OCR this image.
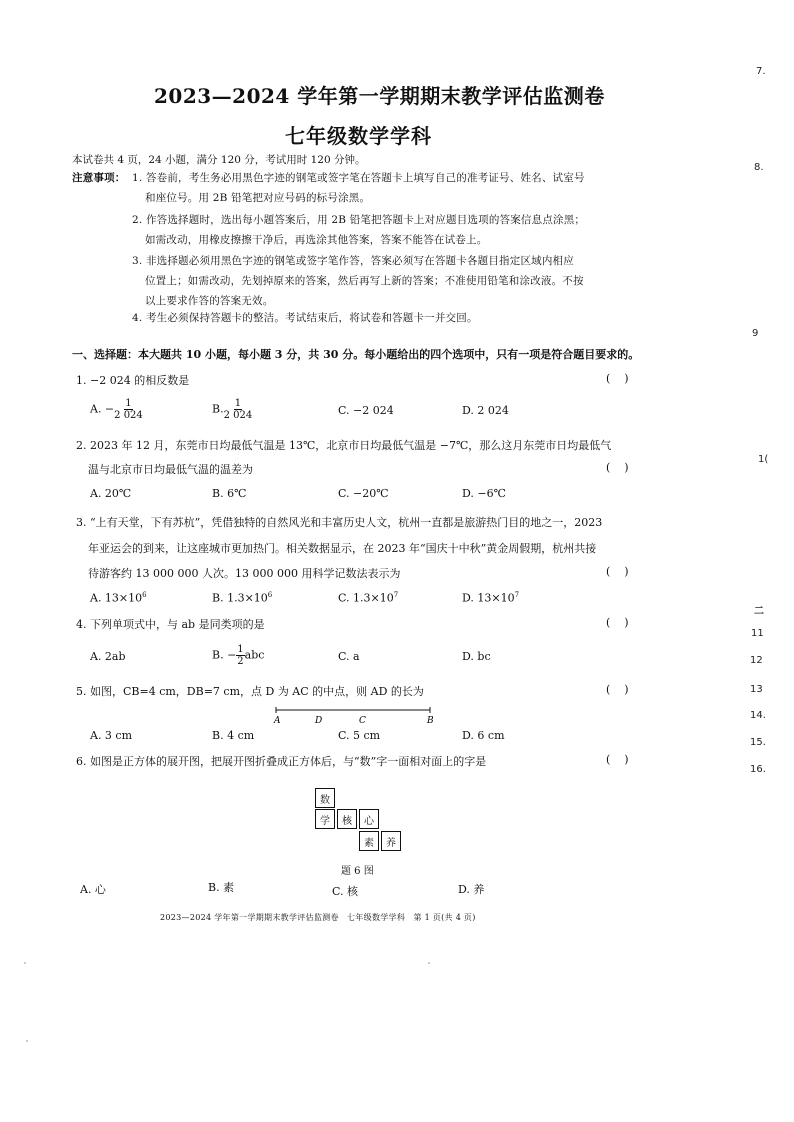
2023—2024 学年第一学期期末教学评估监测卷
七年级数学学科
本试卷共 4 页，24 小题，满分 120 分，考试用时 120 分钟。
注意事项： 1. 答卷前，考生务必用黑色字迹的钢笔或签字笔在答题卡上填写自己的准考证号、姓名、试室号
和座位号。用 2B 铅笔把对应号码的标号涂黑。
2. 作答选择题时，选出每小题答案后，用 2B 铅笔把答题卡上对应题目选项的答案信息点涂黑；
如需改动，用橡皮擦擦干净后，再选涂其他答案，答案不能答在试卷上。
3. 非选择题必须用黑色字迹的钢笔或签字笔作答，答案必须写在答题卡各题目指定区域内相应
位置上；如需改动，先划掉原来的答案，然后再写上新的答案；不准使用铅笔和涂改液。不按
以上要求作答的答案无效。
4. 考生必须保持答题卡的整洁。考试结束后，将试卷和答题卡一并交回。
一、选择题：本大题共 10 小题，每小题 3 分，共 30 分。每小题给出的四个选项中，只有一项是符合题目要求的。
1. −2 024 的相反数是	()
A. − $\frac{1}{2 024}$	B. $\frac{1}{2 024}$	C. −2 024	D. 2 024
2. 2023 年 12 月，东莞市日均最低气温是 13℃，北京市日均最低气温是 −7℃，那么这月东莞市日均最低气
温与北京市日均最低气温的温差为	()
A. 20℃	B. 6℃	C. −20℃	D. −6℃
3. “上有天堂，下有苏杭”，凭借独特的自然风光和丰富历史人文，杭州一直都是旅游热门目的地之一，2023
年亚运会的到来，让这座城市更加热门。相关数据显示，在 2023 年“国庆十中秋”黄金周假期，杭州共接
待游客约 13 000 000 人次。13 000 000 用科学记数法表示为	()
A. $13\times 10^6$	B. $1.3\times 10^6$	C. $1.3\times 10^7$	D. $13\times 10^7$
4. 下列单项式中，与 ab 是同类项的是	()
A. 2ab	B. − $\frac{1}{2}$ abc	C. a	D. bc
5. 如图，CB=4 cm，DB=7 cm，点 D 为 AC 的中点，则 AD 的长为	()
A	D	C	B
A. 3 cm	B. 4 cm	C. 5 cm	D. 6 cm
6. 如图是正方体的展开图，把展开图折叠成正方体后，与“数”字一面相对面上的字是	()
数
学	核	心
素	养
题 6 图
A. 心	B. 素	C. 核	D. 养
2023—2024 学年第一学期期末教学评估监测卷　七年级数学学科　第 1 页(共 4 页)
7.
8.
9
1(
二
11
12
13
14.
15.
16.
